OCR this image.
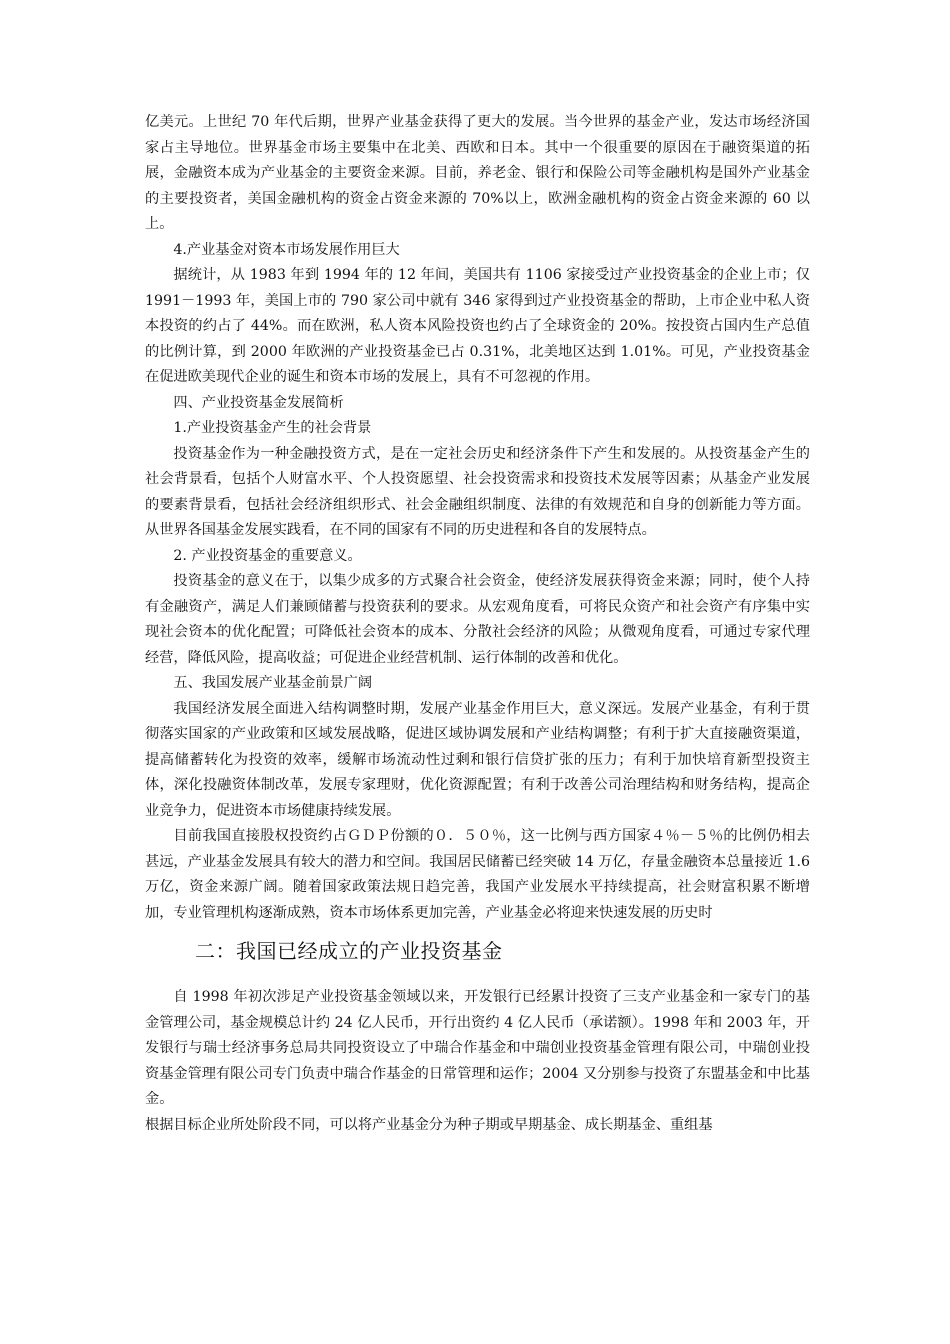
亿美元。上世纪 70 年代后期，世界产业基金获得了更大的发展。当今世界的基金产业，发达市场经济国家占主导地位。世界基金市场主要集中在北美、西欧和日本。其中一个很重要的原因在于融资渠道的拓展，金融资本成为产业基金的主要资金来源。目前，养老金、银行和保险公司等金融机构是国外产业基金的主要投资者，美国金融机构的资金占资金来源的 70%以上，欧洲金融机构的资金占资金来源的 60 以上。

4.产业基金对资本市场发展作用巨大

据统计，从 1983 年到 1994 年的 12 年间，美国共有 1106 家接受过产业投资基金的企业上市；仅 1991－1993 年，美国上市的 790 家公司中就有 346 家得到过产业投资基金的帮助，上市企业中私人资本投资的约占了 44%。而在欧洲，私人资本风险投资也约占了全球资金的 20%。按投资占国内生产总值的比例计算，到 2000 年欧洲的产业投资基金已占 0.31%，北美地区达到 1.01%。可见，产业投资基金在促进欧美现代企业的诞生和资本市场的发展上，具有不可忽视的作用。

四、产业投资基金发展简析

1.产业投资基金产生的社会背景

投资基金作为一种金融投资方式，是在一定社会历史和经济条件下产生和发展的。从投资基金产生的社会背景看，包括个人财富水平、个人投资愿望、社会投资需求和投资技术发展等因素；从基金产业发展的要素背景看，包括社会经济组织形式、社会金融组织制度、法律的有效规范和自身的创新能力等方面。从世界各国基金发展实践看，在不同的国家有不同的历史进程和各自的发展特点。

2. 产业投资基金的重要意义。

投资基金的意义在于，以集少成多的方式聚合社会资金，使经济发展获得资金来源；同时，使个人持有金融资产，满足人们兼顾储蓄与投资获利的要求。从宏观角度看，可将民众资产和社会资产有序集中实现社会资本的优化配置；可降低社会资本的成本、分散社会经济的风险；从微观角度看，可通过专家代理经营，降低风险，提高收益；可促进企业经营机制、运行体制的改善和优化。

五、我国发展产业基金前景广阔

我国经济发展全面进入结构调整时期，发展产业基金作用巨大，意义深远。发展产业基金，有利于贯彻落实国家的产业政策和区域发展战略，促进区域协调发展和产业结构调整；有利于扩大直接融资渠道，提高储蓄转化为投资的效率，缓解市场流动性过剩和银行信贷扩张的压力；有利于加快培育新型投资主体，深化投融资体制改革，发展专家理财，优化资源配置；有利于改善公司治理结构和财务结构，提高企业竞争力，促进资本市场健康持续发展。

目前我国直接股权投资约占ＧＤＰ份额的０．５０％，这一比例与西方国家４％－５％的比例仍相去甚远，产业基金发展具有较大的潜力和空间。我国居民储蓄已经突破 14 万亿，存量金融资本总量接近 1.6 万亿，资金来源广阔。随着国家政策法规日趋完善，我国产业发展水平持续提高，社会财富积累不断增加，专业管理机构逐渐成熟，资本市场体系更加完善，产业基金必将迎来快速发展的历史时

二：我国已经成立的产业投资基金

自 1998 年初次涉足产业投资基金领域以来，开发银行已经累计投资了三支产业基金和一家专门的基金管理公司，基金规模总计约 24 亿人民币，开行出资约 4 亿人民币（承诺额）。1998 年和 2003 年，开发银行与瑞士经济事务总局共同投资设立了中瑞合作基金和中瑞创业投资基金管理有限公司，中瑞创业投资基金管理有限公司专门负责中瑞合作基金的日常管理和运作；2004 又分别参与投资了东盟基金和中比基金。

根据目标企业所处阶段不同，可以将产业基金分为种子期或早期基金、成长期基金、重组基
